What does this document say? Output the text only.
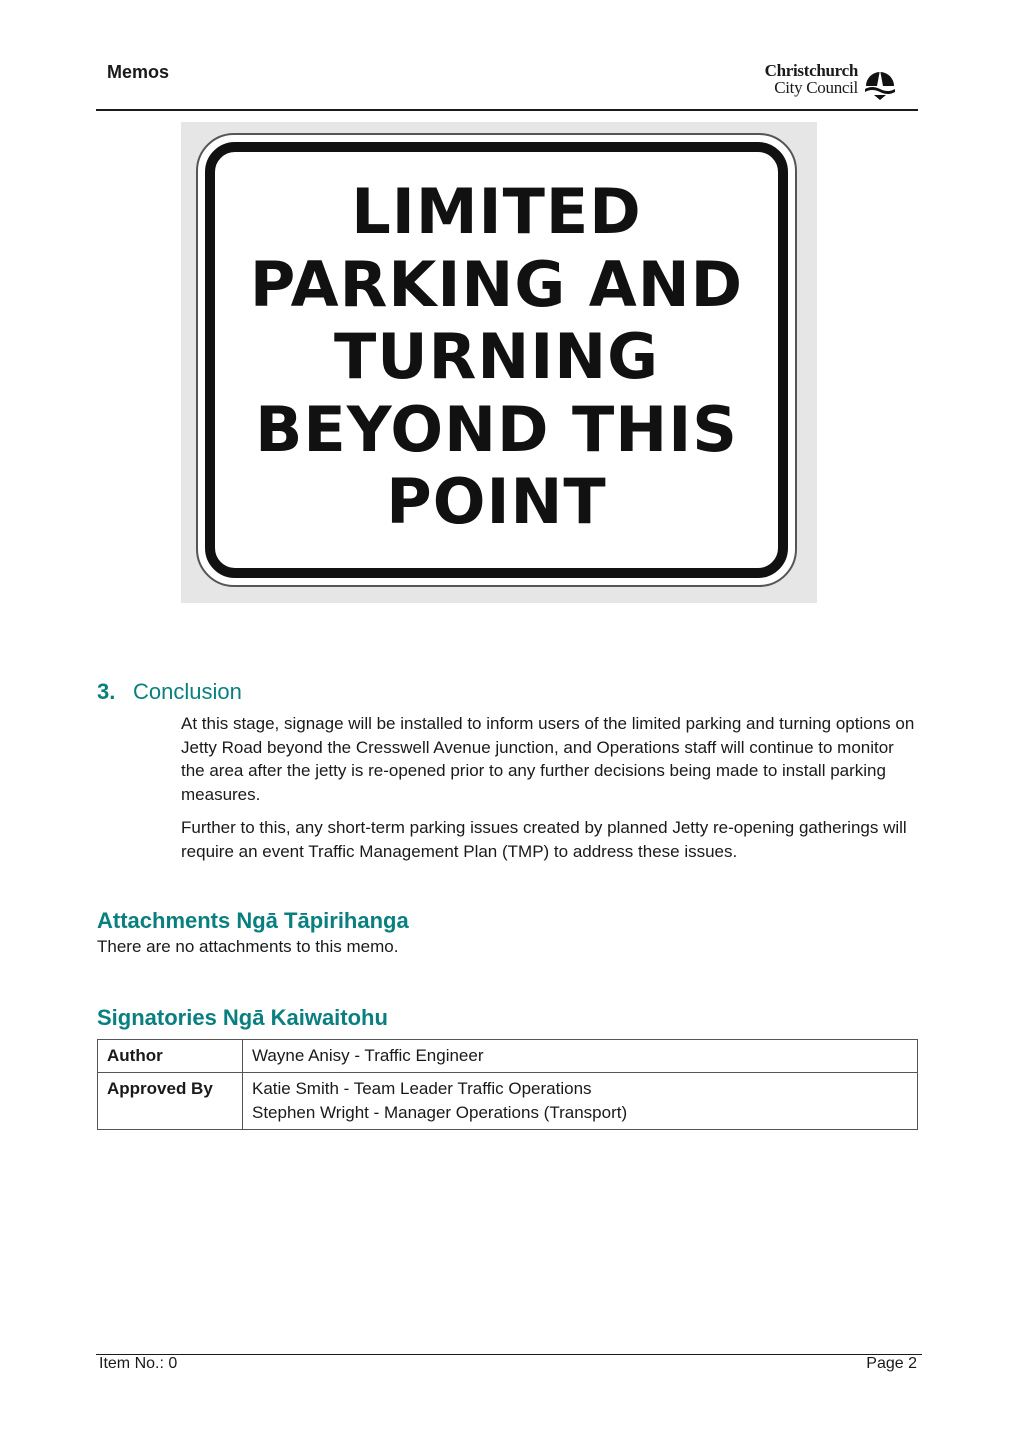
Memos	Christchurch
City Council
LIMITED
PARKING AND
TURNING
BEYOND THIS
POINT
3. Conclusion
At this stage, signage will be installed to inform users of the limited parking and turning options on Jetty Road beyond the Cresswell Avenue junction, and Operations staff will continue to monitor the area after the jetty is re-opened prior to any further decisions being made to install parking measures.
Further to this, any short-term parking issues created by planned Jetty re-opening gatherings will require an event Traffic Management Plan (TMP) to address these issues.
Attachments Ngā Tāpirihanga
There are no attachments to this memo.
Signatories Ngā Kaiwaitohu
Author	Wayne Anisy - Traffic Engineer

Approved By	Katie Smith - Team Leader Traffic Operations
Stephen Wright - Manager Operations (Transport)
Item No.: 0	Page 2
